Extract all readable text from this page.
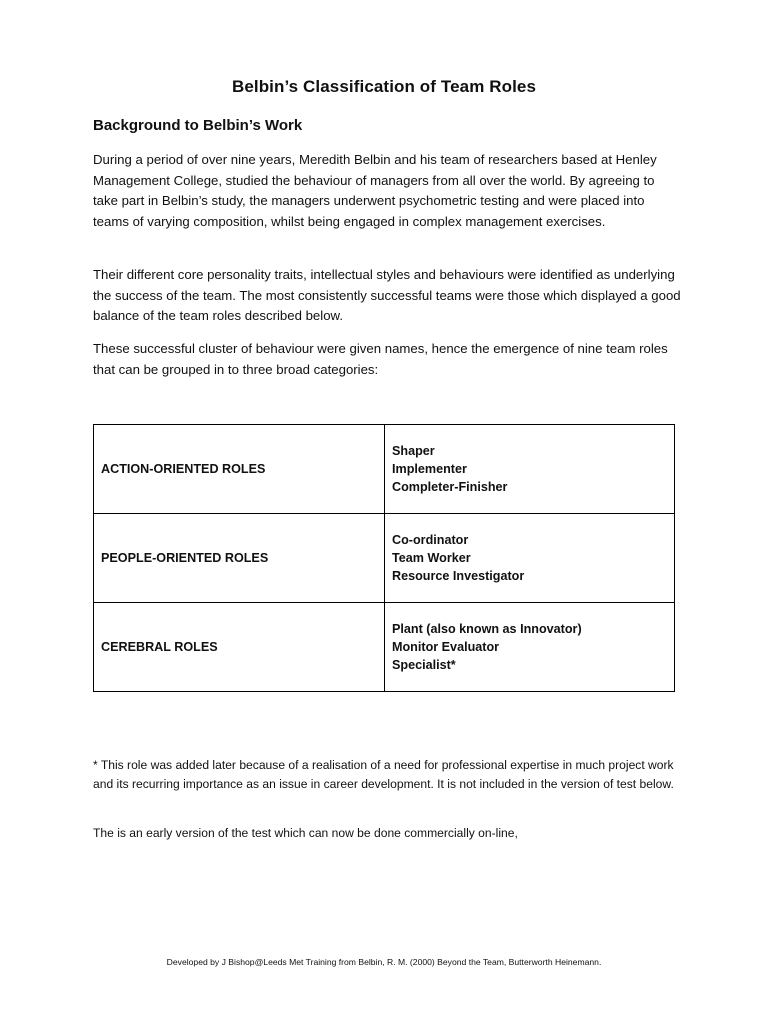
Belbin’s Classification of Team Roles
Background to Belbin’s Work

During a period of over nine years, Meredith Belbin and his team of researchers based at Henley Management College, studied the behaviour of managers from all over the world. By agreeing to take part in Belbin’s study, the managers underwent psychometric testing and were placed into teams of varying composition, whilst being engaged in complex management exercises.

Their different core personality traits, intellectual styles and behaviours were identified as underlying the success of the team. The most consistently successful teams were those which displayed a good balance of the team roles described below.

These successful cluster of behaviour were given names, hence the emergence of nine team roles that can be grouped in to three broad categories:

ACTION-ORIENTED ROLES	Shaper
Implementer
Completer-Finisher

PEOPLE-ORIENTED ROLES	Co-ordinator
Team Worker
Resource Investigator

CEREBRAL ROLES	Plant (also known as Innovator)
Monitor Evaluator
Specialist*

* This role was added later because of a realisation of a need for professional expertise in much project work and its recurring importance as an issue in career development. It is not included in the version of test below.

The is an early version of the test which can now be done commercially on-line,

Developed by J Bishop@Leeds Met Training from Belbin, R. M. (2000) Beyond the Team, Butterworth Heinemann.
